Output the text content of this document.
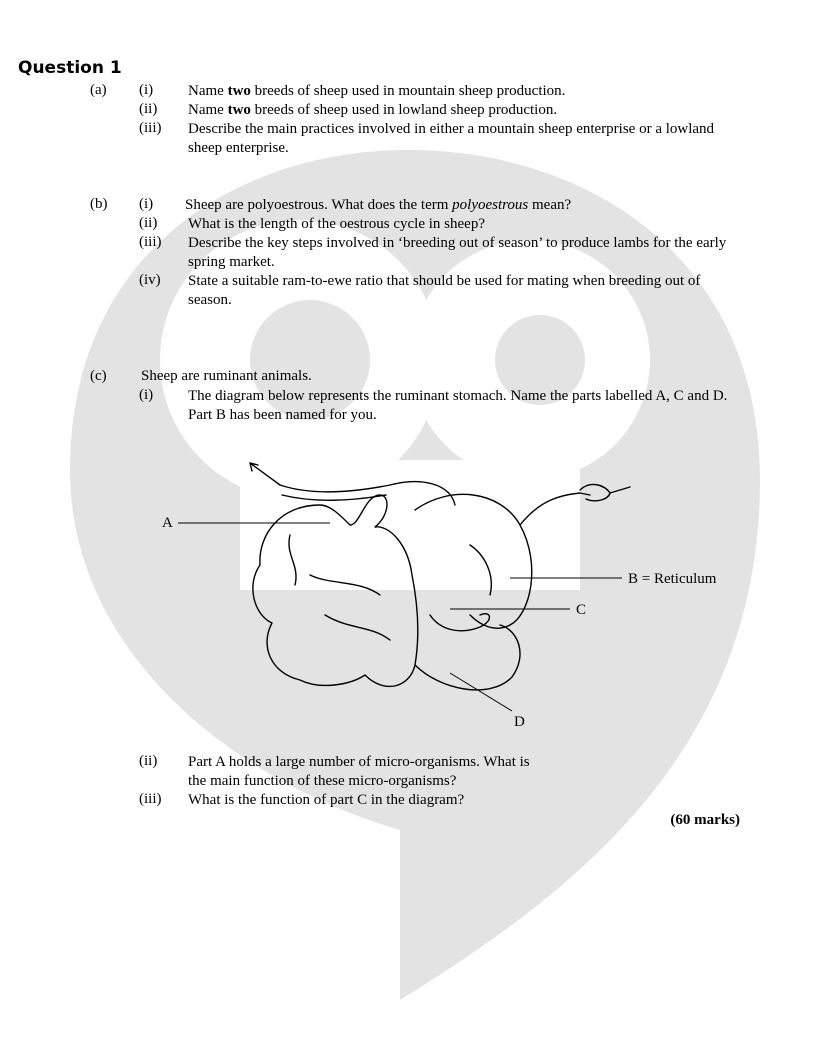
Question 1
(a) (i) Name two breeds of sheep used in mountain sheep production.
(ii) Name two breeds of sheep used in lowland sheep production.
(iii) Describe the main practices involved in either a mountain sheep enterprise or a lowland sheep enterprise.
(b) (i) Sheep are polyoestrous. What does the term polyoestrous mean?
(ii) What is the length of the oestrous cycle in sheep?
(iii) Describe the key steps involved in ‘breeding out of season’ to produce lambs for the early spring market.
(iv) State a suitable ram-to-ewe ratio that should be used for mating when breeding out of season.
(c) Sheep are ruminant animals.
(i) The diagram below represents the ruminant stomach. Name the parts labelled A, C and D. Part B has been named for you.
A
B = Reticulum
C
D
(ii) Part A holds a large number of micro-organisms. What is the main function of these micro-organisms?
(iii) What is the function of part C in the diagram?
(60 marks)
